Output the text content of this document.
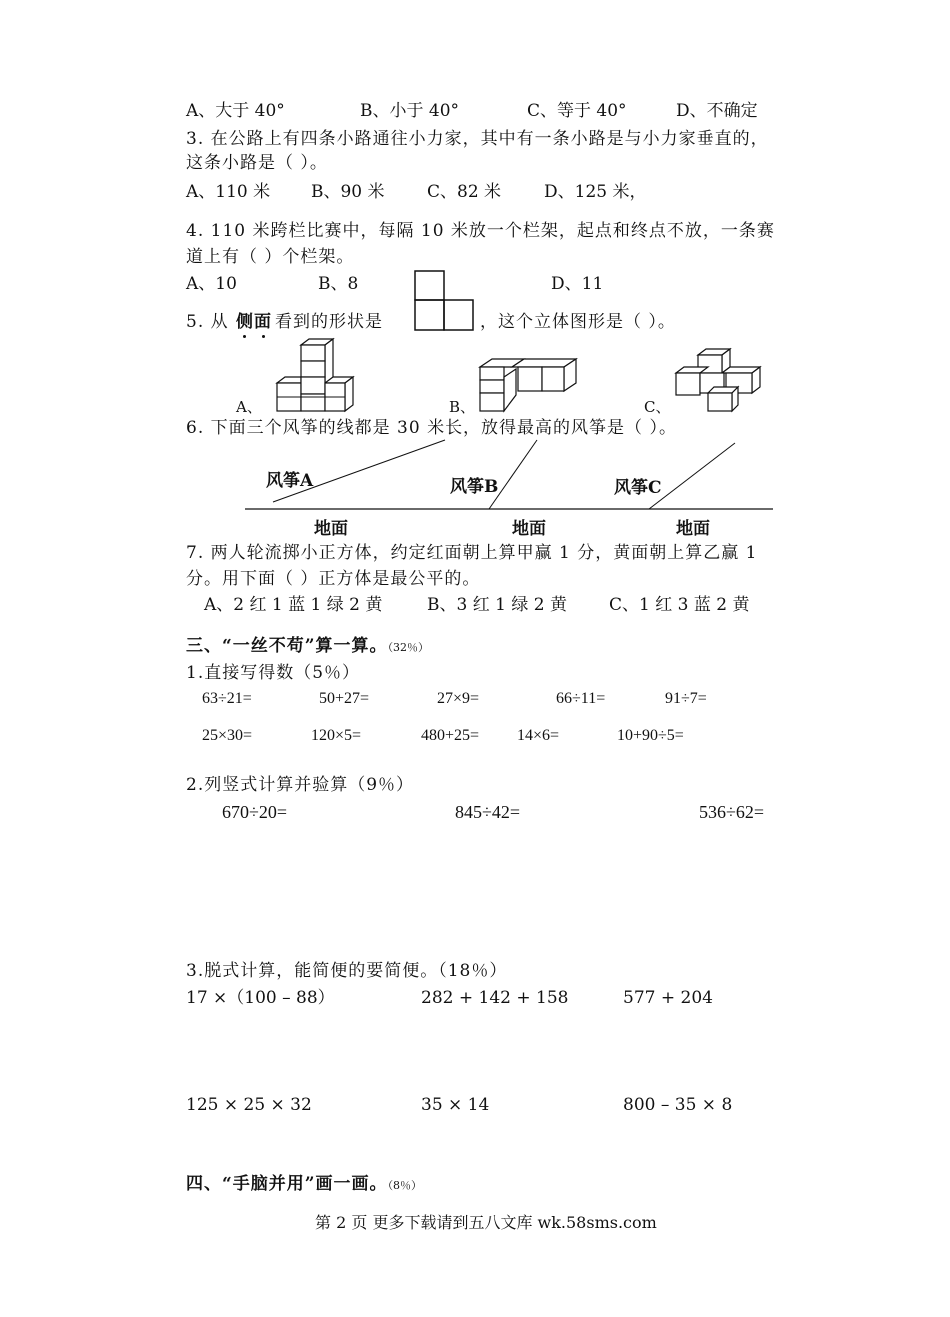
A、大于 40°	B、小于 40°	C、等于 40°	D、不确定
3. 在公路上有四条小路通往小力家，其中有一条小路是与小力家垂直的，
这条小路是（ ）。
A、110 米 B、90 米 C、82 米	D、125 米，
4. 110 米跨栏比赛中，每隔 10 米放一个栏架，起点和终点不放，一条赛
道上有（ ）个栏架。
A、10	B、8	D、11
5. 从 侧面 看到的形状是	，这个立体图形是（ ）。
A、	B、	C、
6. 下面三个风筝的线都是 30 米长，放得最高的风筝是（ ）。
风筝A	风筝B	风筝C
地面	地面	地面
7. 两人轮流掷小正方体，约定红面朝上算甲赢 1 分，黄面朝上算乙赢 1
分。用下面（ ）正方体是最公平的。
A、2 红 1 蓝 1 绿 2 黄	B、3 红 1 绿 2 黄 C、1 红 3 蓝 2 黄
三、“一丝不苟”算一算。（32％）
1.直接写得数（5％）
63÷21=	50+27=	27×9=	66÷11=	91÷7=
25×30=	120×5=	480+25= 14×6=	10+90÷5=
2.列竖式计算并验算（9％）
670÷20=	845÷42=	536÷62=
3.脱式计算，能简便的要简便。（18％）
17 ×（100 – 88）	282 + 142 + 158	577 + 204
125 × 25 × 32	35 × 14	800 – 35 × 8
四、“手脑并用”画一画。（8％）
第 2 页 更多下载请到五八文库 wk.58sms.com
